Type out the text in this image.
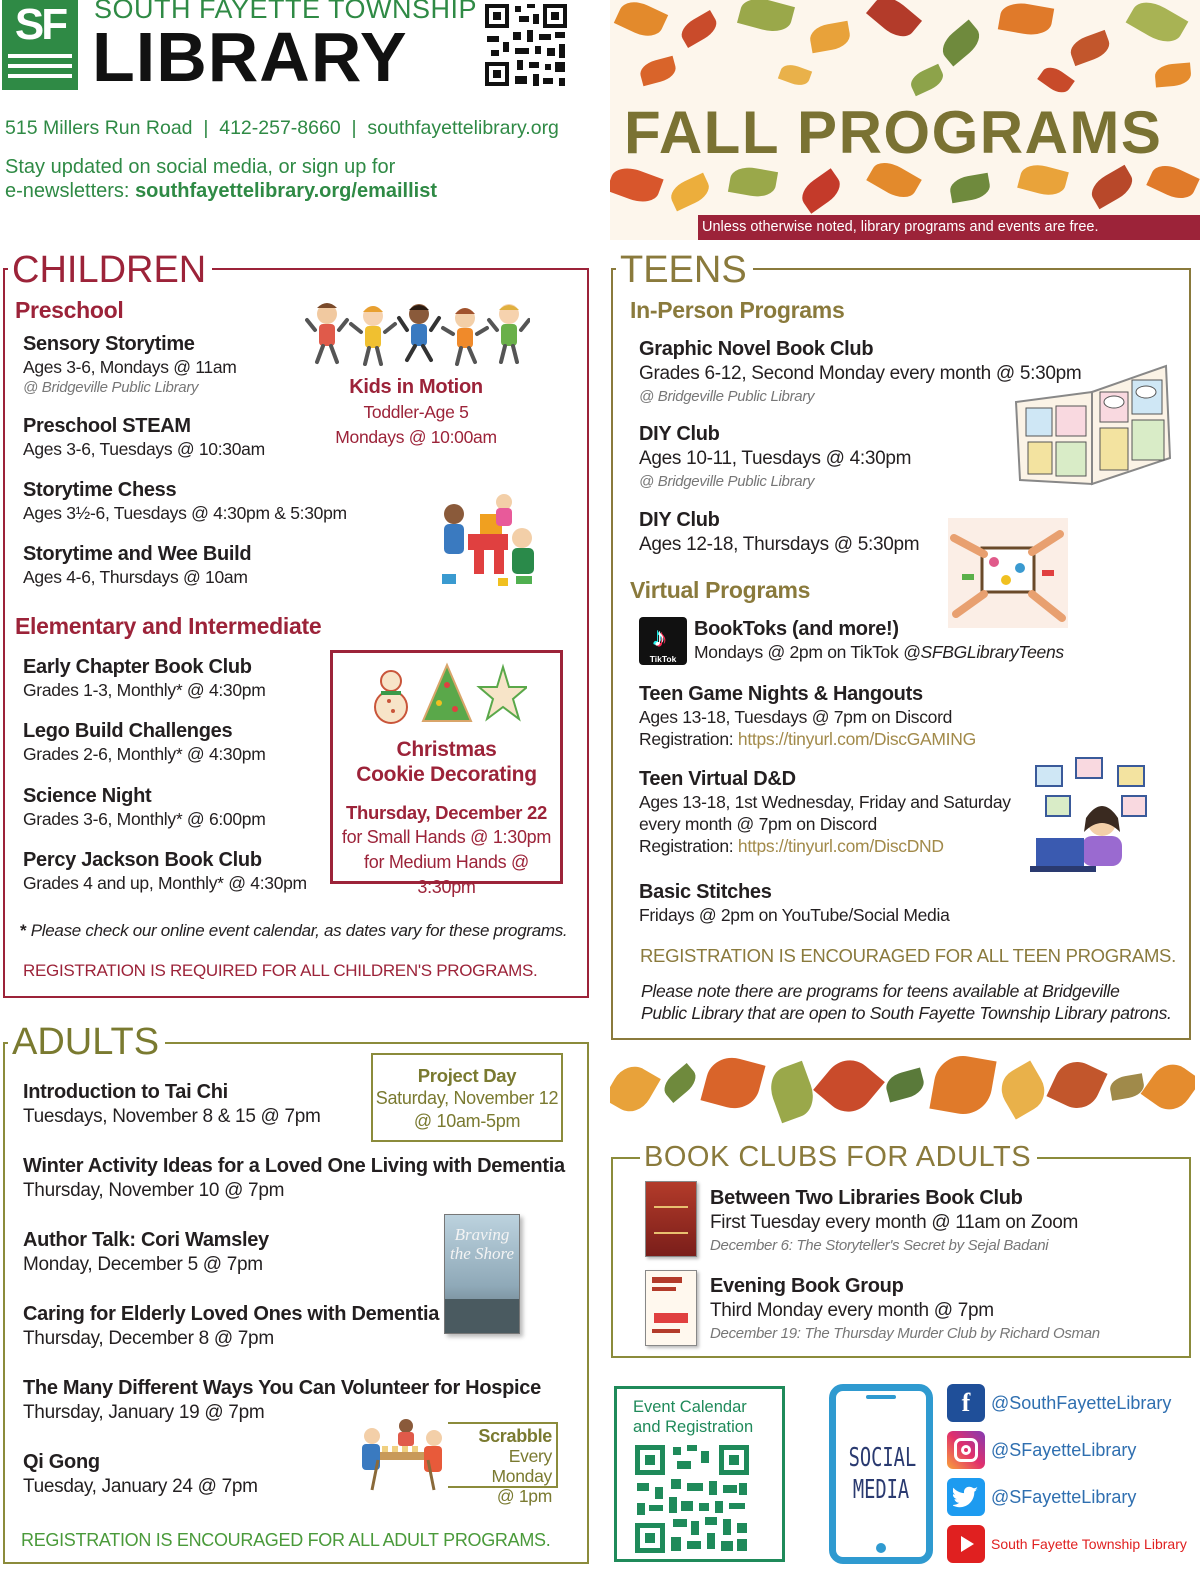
SF	SOUTH FAYETTE TOWNSHIP
LIBRARY
515 Millers Run Road  |  412-257-8660  |  southfayettelibrary.org
Stay updated on social media, or sign up for
e-newsletters: southfayettelibrary.org/emaillist
FALL PROGRAMS
Unless otherwise noted, library programs and events are free.
CHILDREN
Preschool
Sensory Storytime
Ages 3-6, Mondays @ 11am
@ Bridgeville Public Library
Preschool STEAM
Ages 3-6, Tuesdays @ 10:30am
Storytime Chess
Ages 3½-6, Tuesdays @ 4:30pm & 5:30pm
Storytime and Wee Build
Ages 4-6, Thursdays @ 10am
Kids in Motion
Toddler-Age 5
Mondays @ 10:00am
Elementary and Intermediate
Early Chapter Book Club
Grades 1-3, Monthly* @ 4:30pm
Lego Build Challenges
Grades 2-6, Monthly* @ 4:30pm
Science Night
Grades 3-6, Monthly* @ 6:00pm
Percy Jackson Book Club
Grades 4 and up, Monthly* @ 4:30pm
Christmas
Cookie Decorating
Thursday, December 22
for Small Hands @ 1:30pm
for Medium Hands @ 3:30pm
* Please check our online event calendar, as dates vary for these programs.
REGISTRATION IS REQUIRED FOR ALL CHILDREN'S PROGRAMS.
TEENS
In-Person Programs
Graphic Novel Book Club
Grades 6-12, Second Monday every month @ 5:30pm
@ Bridgeville Public Library
DIY Club
Ages 10-11, Tuesdays @ 4:30pm
@ Bridgeville Public Library
DIY Club
Ages 12-18, Thursdays @ 5:30pm
Virtual Programs
♪
TikTok
BookToks (and more!)
Mondays @ 2pm on TikTok @SFBGLibraryTeens
Teen Game Nights & Hangouts
Ages 13-18, Tuesdays @ 7pm on Discord
Registration: https://tinyurl.com/DiscGAMING
Teen Virtual D&D
Ages 13-18, 1st Wednesday, Friday and Saturday
every month @ 7pm on Discord
Registration: https://tinyurl.com/DiscDND
Basic Stitches
Fridays @ 2pm on YouTube/Social Media
REGISTRATION IS ENCOURAGED FOR ALL TEEN PROGRAMS.
Please note there are programs for teens available at Bridgeville
Public Library that are open to South Fayette Township Library patrons.
BOOK CLUBS FOR ADULTS
Between Two Libraries Book Club
First Tuesday every month @ 11am on Zoom
December 6: The Storyteller's Secret by Sejal Badani
Evening Book Group
Third Monday every month @ 7pm
December 19: The Thursday Murder Club by Richard Osman
ADULTS
Project Day
Saturday, November 12
@ 10am-5pm
Introduction to Tai Chi
Tuesdays, November 8 & 15 @ 7pm
Winter Activity Ideas for a Loved One Living with Dementia
Thursday, November 10 @ 7pm
Author Talk: Cori Wamsley
Monday, December 5 @ 7pm
Caring for Elderly Loved Ones with Dementia
Thursday, December 8 @ 7pm
The Many Different Ways You Can Volunteer for Hospice
Thursday, January 19 @ 7pm
Qi Gong
Tuesday, January 24 @ 7pm
Braving the Shore
Scrabble
Every Monday
@ 1pm
REGISTRATION IS ENCOURAGED FOR ALL ADULT PROGRAMS.
Event Calendar
and Registration
SOCIAL
MEDIA
f	@SouthFayetteLibrary
@SFayetteLibrary
@SFayetteLibrary
South Fayette Township Library
